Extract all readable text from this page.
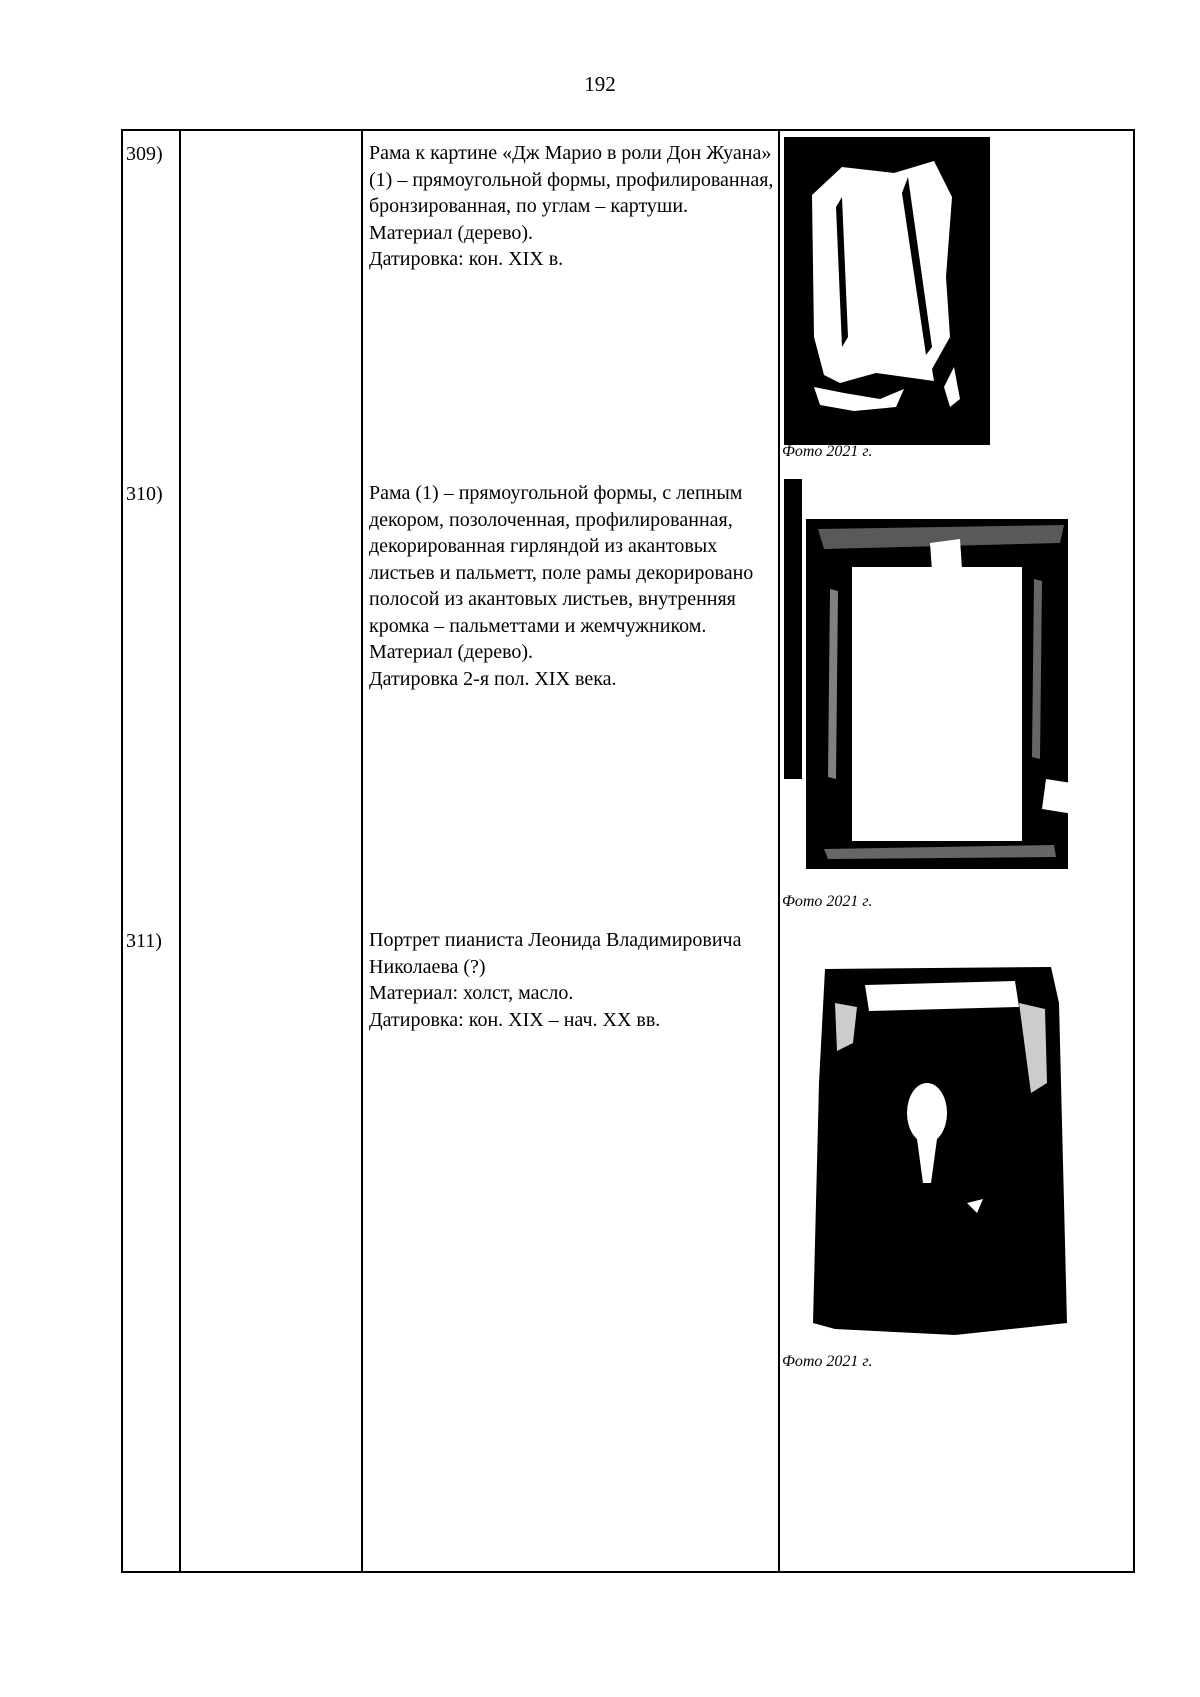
192
309)	Рама к картине «Дж Марио в роли Дон Жуана» (1) – прямоугольной формы, профилированная, бронзированная, по углам – картуши.

Материал (дерево).

Датировка: кон. XIX в.

Фото 2021 г.
310)	Рама (1) – прямоугольной формы, с лепным декором, позолоченная, профилированная, декорированная гирляндой из акантовых листьев и пальметт, поле рамы декорировано полосой из акантовых листьев, внутренняя кромка – пальметтами и жемчужником.

Материал (дерево).

Датировка 2-я пол. XIX века.

Фото 2021 г.
311)	Портрет пианиста Леонида Владимировича Николаева (?)

Материал: холст, масло.

Датировка: кон. XIX – нач. XX вв.

Фото 2021 г.
